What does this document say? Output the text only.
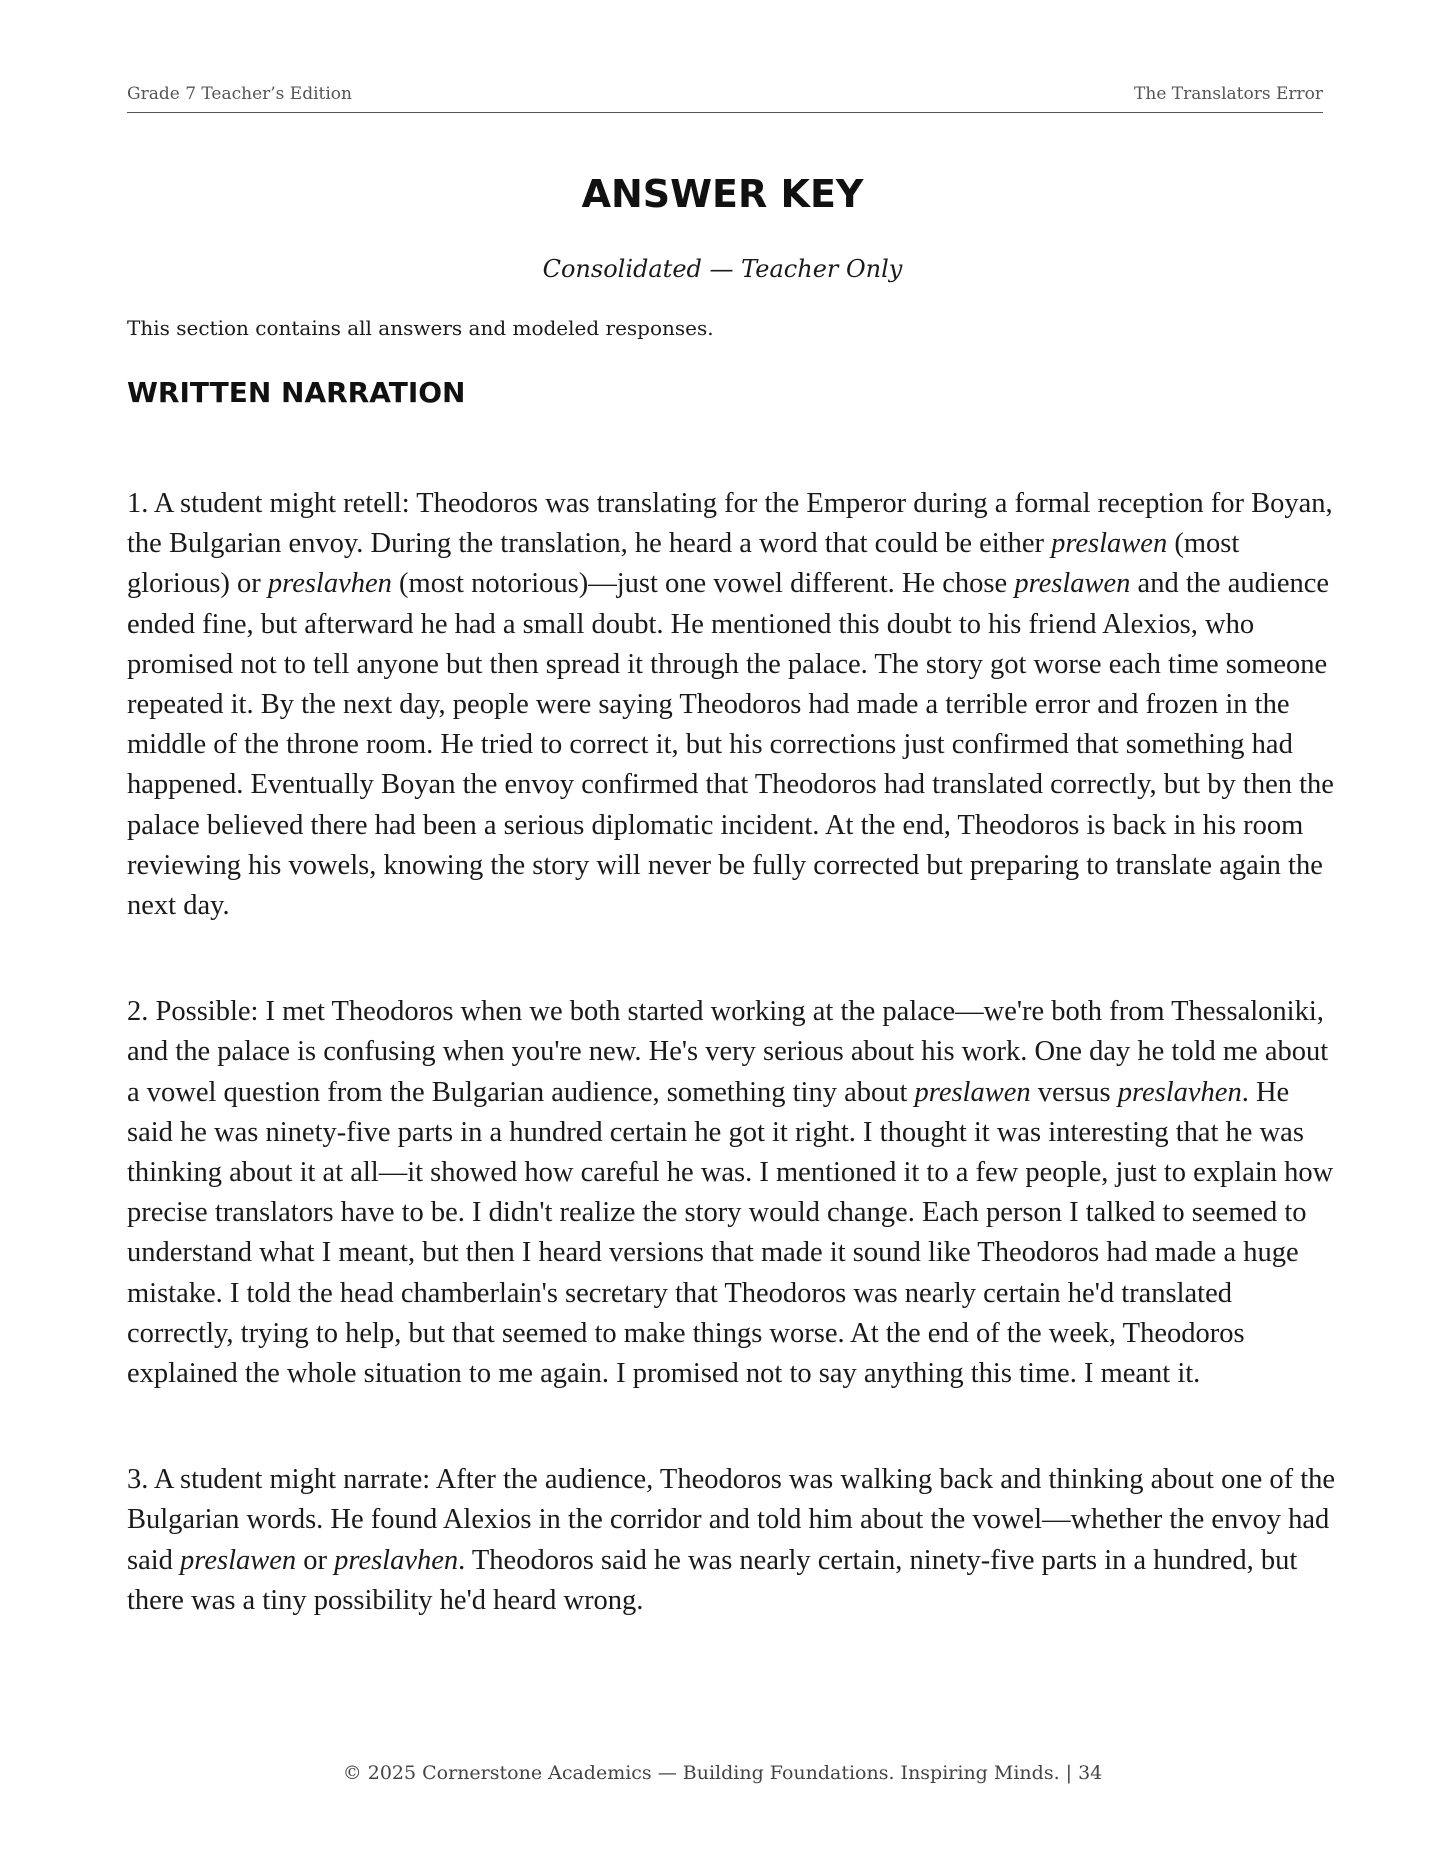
Grade 7 Teacher’s Edition	The Translators Error
ANSWER KEY
Consolidated — Teacher Only
This section contains all answers and modeled responses.
WRITTEN NARRATION

1. A student might retell: Theodoros was translating for the Emperor during a formal reception for Boyan, the Bulgarian envoy. During the translation, he heard a word that could be either preslawen (most glorious) or preslavhen (most notorious)—just one vowel different. He chose preslawen and the audience ended fine, but afterward he had a small doubt. He mentioned this doubt to his friend Alexios, who promised not to tell anyone but then spread it through the palace. The story got worse each time someone repeated it. By the next day, people were saying Theodoros had made a terrible error and frozen in the middle of the throne room. He tried to correct it, but his corrections just confirmed that something had happened. Eventually Boyan the envoy confirmed that Theodoros had translated correctly, but by then the palace believed there had been a serious diplomatic incident. At the end, Theodoros is back in his room reviewing his vowels, knowing the story will never be fully corrected but preparing to translate again the next day.

2. Possible: I met Theodoros when we both started working at the palace—we're both from Thessaloniki, and the palace is confusing when you're new. He's very serious about his work. One day he told me about a vowel question from the Bulgarian audience, something tiny about preslawen versus preslavhen. He said he was ninety-five parts in a hundred certain he got it right. I thought it was interesting that he was thinking about it at all—it showed how careful he was. I mentioned it to a few people, just to explain how precise translators have to be. I didn't realize the story would change. Each person I talked to seemed to understand what I meant, but then I heard versions that made it sound like Theodoros had made a huge mistake. I told the head chamberlain's secretary that Theodoros was nearly certain he'd translated correctly, trying to help, but that seemed to make things worse. At the end of the week, Theodoros explained the whole situation to me again. I promised not to say anything this time. I meant it.

3. A student might narrate: After the audience, Theodoros was walking back and thinking about one of the Bulgarian words. He found Alexios in the corridor and told him about the vowel—whether the envoy had said preslawen or preslavhen. Theodoros said he was nearly certain, ninety-five parts in a hundred, but there was a tiny possibility he'd heard wrong.

© 2025 Cornerstone Academics — Building Foundations. Inspiring Minds. | 34
